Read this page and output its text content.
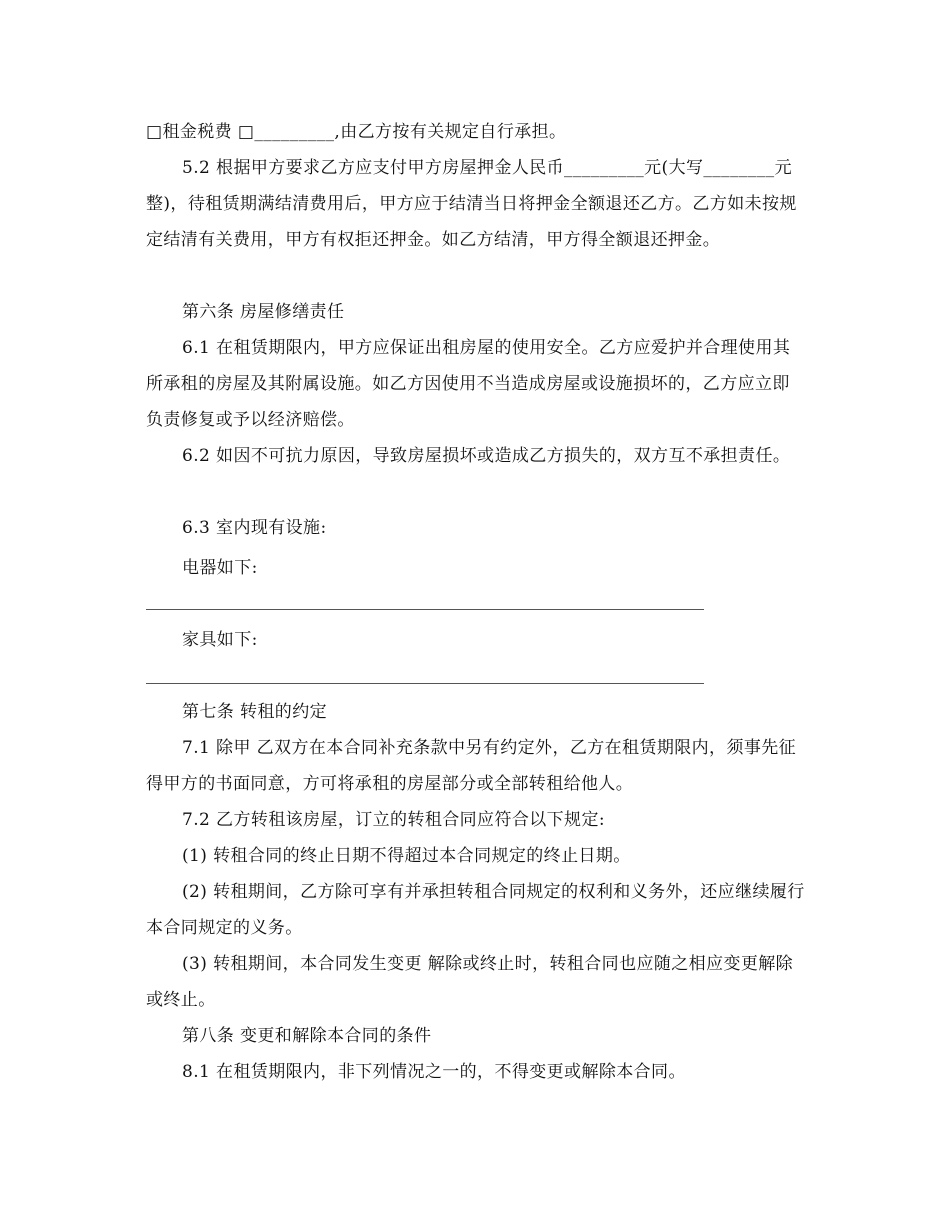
□租金税费 □_________,由乙方按有关规定自行承担。

5.2 根据甲方要求乙方应支付甲方房屋押金人民币_________元(大写________元整)，待租赁期满结清费用后，甲方应于结清当日将押金全额退还乙方。乙方如未按规定结清有关费用，甲方有权拒还押金。如乙方结清，甲方得全额退还押金。

第六条 房屋修缮责任

6.1 在租赁期限内，甲方应保证出租房屋的使用安全。乙方应爱护并合理使用其所承租的房屋及其附属设施。如乙方因使用不当造成房屋或设施损坏的，乙方应立即负责修复或予以经济赔偿。

6.2 如因不可抗力原因，导致房屋损坏或造成乙方损失的，双方互不承担责任。

6.3 室内现有设施:

电器如下:

家具如下:

第七条 转租的约定

7.1 除甲 乙双方在本合同补充条款中另有约定外，乙方在租赁期限内，须事先征得甲方的书面同意，方可将承租的房屋部分或全部转租给他人。

7.2 乙方转租该房屋，订立的转租合同应符合以下规定:

(1) 转租合同的终止日期不得超过本合同规定的终止日期。

(2) 转租期间，乙方除可享有并承担转租合同规定的权利和义务外，还应继续履行本合同规定的义务。

(3) 转租期间，本合同发生变更 解除或终止时，转租合同也应随之相应变更解除或终止。

第八条 变更和解除本合同的条件

8.1 在租赁期限内，非下列情况之一的，不得变更或解除本合同。
